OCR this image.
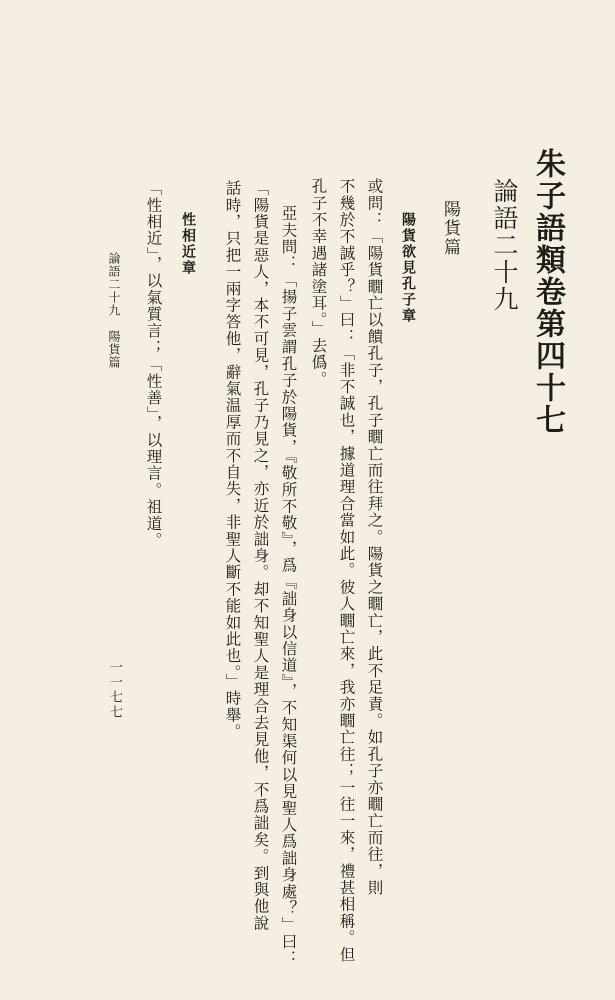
朱子語類卷第四十七
論語二十九
陽貨篇
陽貨欲見孔子章
或問：「陽貨瞯亡以饋孔子，孔子瞯亡而往拜之。陽貨之瞯亡，此不足責。如孔子亦瞯亡而往，則
不幾於不誠乎？」曰：「非不誠也，據道理合當如此。彼人瞯亡來，我亦瞯亡往；一往一來，禮甚相稱。但
孔子不幸遇諸塗耳。」去僞。
亞夫問：「揚子雲謂孔子於陽貨，『敬所不敬』，爲『詘身以信道』，不知渠何以見聖人爲詘身處？」曰：
「陽貨是惡人，本不可見，孔子乃見之，亦近於詘身。却不知聖人是理合去見他，不爲詘矣。到與他說
話時，只把一兩字答他，辭氣温厚而不自失，非聖人斷不能如此也。」時舉。
性相近章
「性相近」，以氣質言；「性善」，以理言。祖道。
論語二十九　陽貨篇
一一七七
